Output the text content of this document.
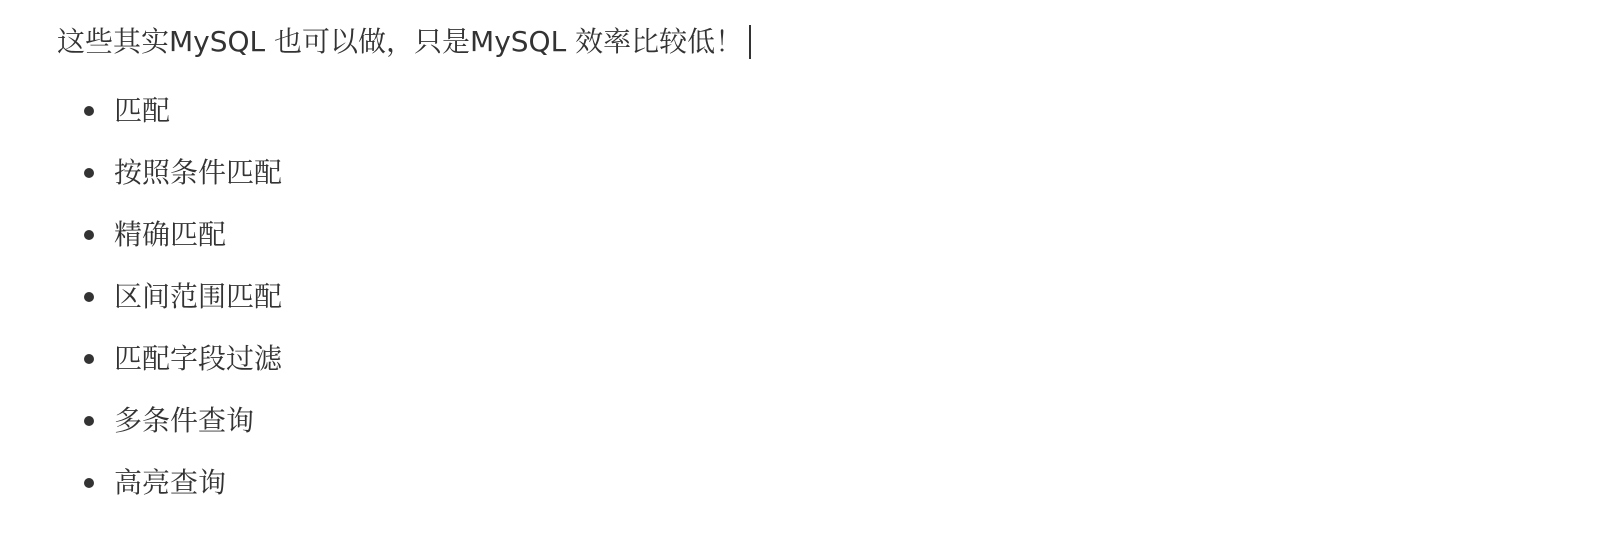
这些其实MySQL 也可以做，只是MySQL 效率比较低！

匹配
按照条件匹配
精确匹配
区间范围匹配
匹配字段过滤
多条件查询
高亮查询
